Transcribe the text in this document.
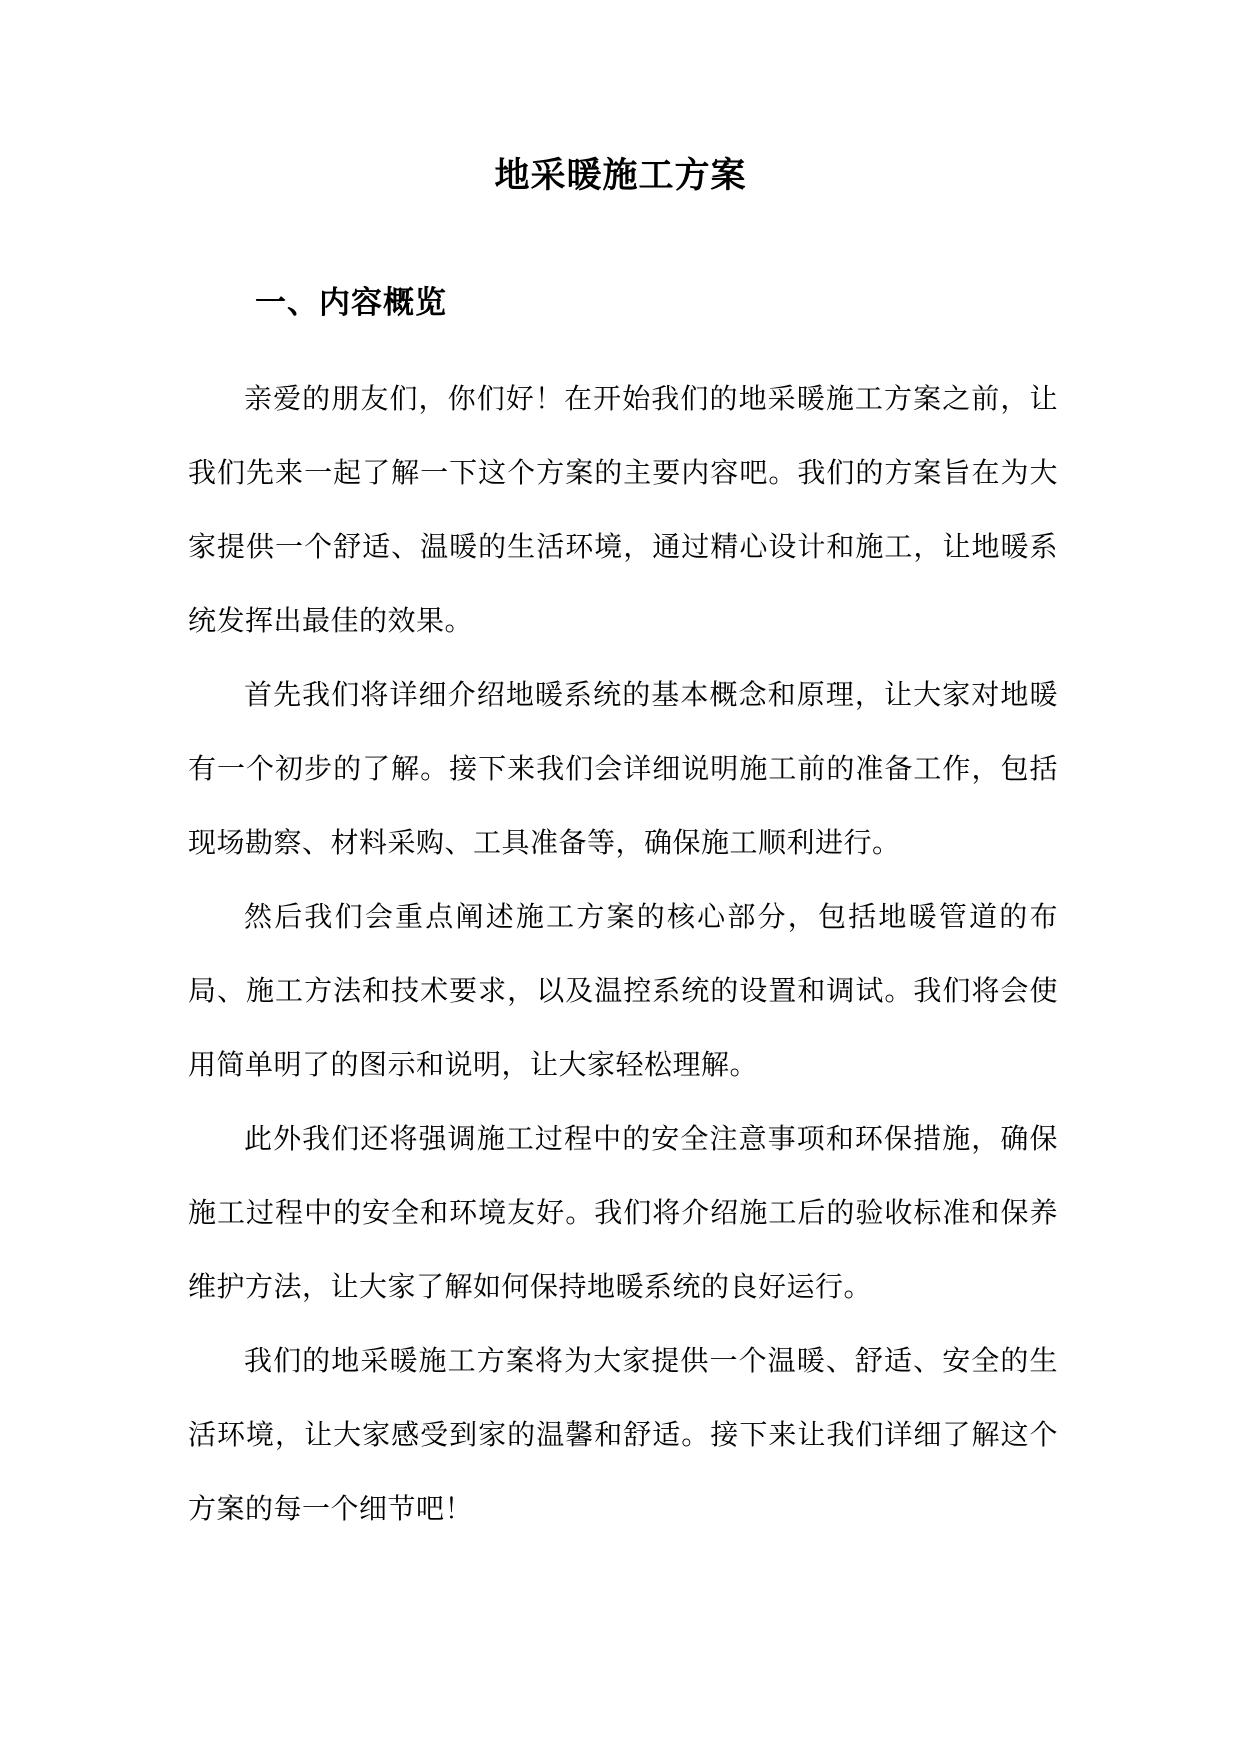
地采暖施工方案
一、内容概览

亲爱的朋友们，你们好！在开始我们的地采暖施工方案之前，让我们先来一起了解一下这个方案的主要内容吧。我们的方案旨在为大家提供一个舒适、温暖的生活环境，通过精心设计和施工，让地暖系统发挥出最佳的效果。

首先我们将详细介绍地暖系统的基本概念和原理，让大家对地暖有一个初步的了解。接下来我们会详细说明施工前的准备工作，包括现场勘察、材料采购、工具准备等，确保施工顺利进行。

然后我们会重点阐述施工方案的核心部分，包括地暖管道的布局、施工方法和技术要求，以及温控系统的设置和调试。我们将会使用简单明了的图示和说明，让大家轻松理解。

此外我们还将强调施工过程中的安全注意事项和环保措施，确保施工过程中的安全和环境友好。我们将介绍施工后的验收标准和保养维护方法，让大家了解如何保持地暖系统的良好运行。

我们的地采暖施工方案将为大家提供一个温暖、舒适、安全的生活环境，让大家感受到家的温馨和舒适。接下来让我们详细了解这个方案的每一个细节吧！
